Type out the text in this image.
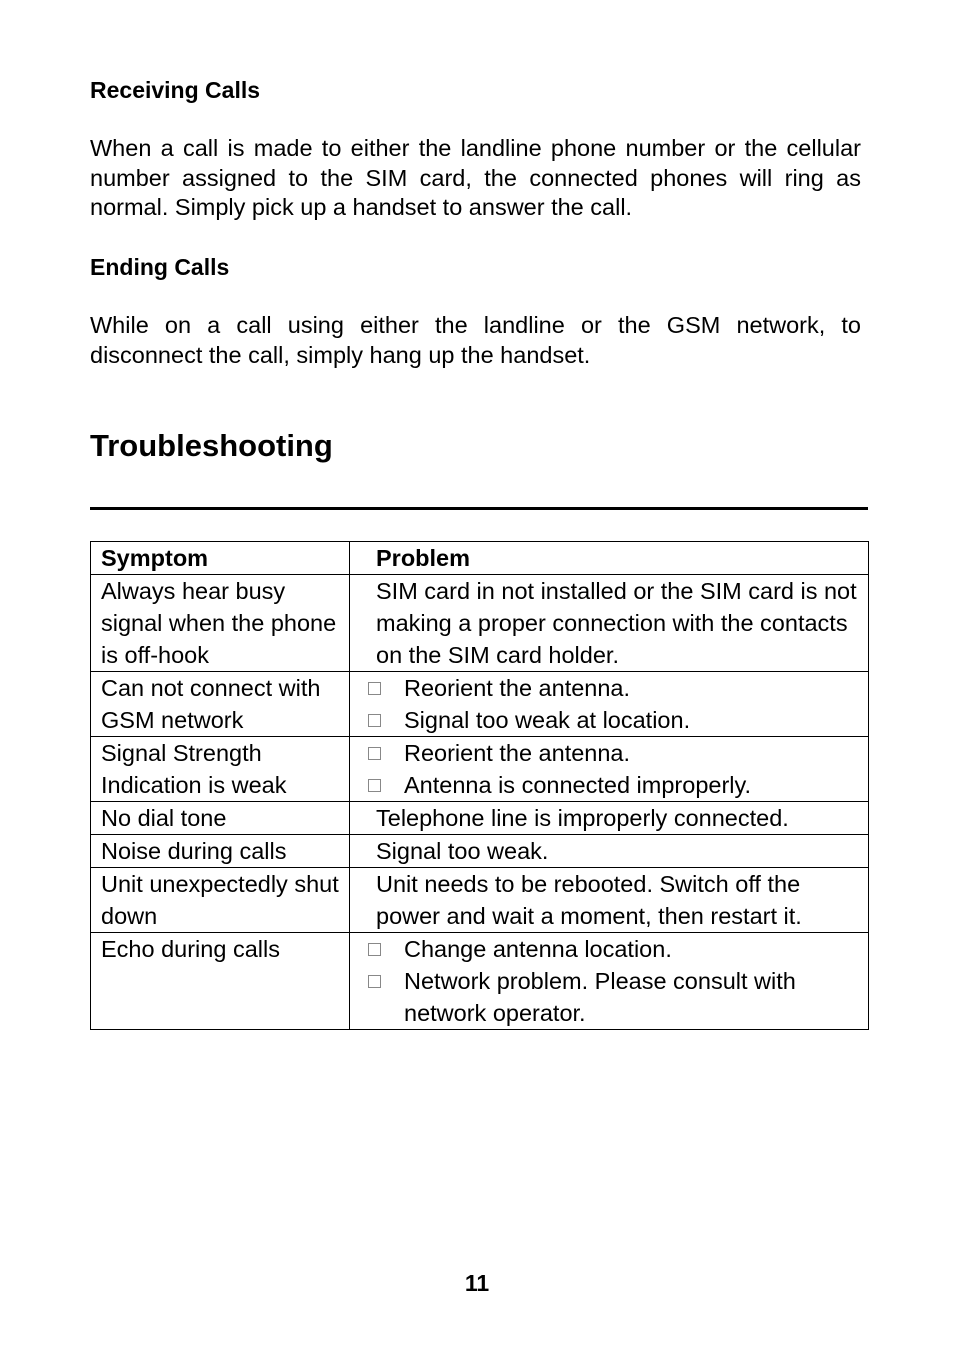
Receiving Calls

When a call is made to either the landline phone number or the cellular number assigned to the SIM card, the connected phones will ring as normal. Simply pick up a handset to answer the call.

Ending Calls

While on a call using either the landline or the GSM network, to disconnect the call, simply hang up the handset.

Troubleshooting
Symptom	Problem
Always hear busy signal when the phone is off-hook	SIM card in not installed or the SIM card is not making a proper connection with the contacts on the SIM card holder.
Can not connect with GSM network	Reorient the antenna.
Signal too weak at location.

Signal Strength Indication is weak	Reorient the antenna.
Antenna is connected improperly.

No dial tone	Telephone line is improperly connected.
Noise during calls	Signal too weak.
Unit unexpectedly shut down	Unit needs to be rebooted. Switch off the power and wait a moment, then restart it.
Echo during calls	Change antenna location.
Network problem. Please consult with network operator.
11
